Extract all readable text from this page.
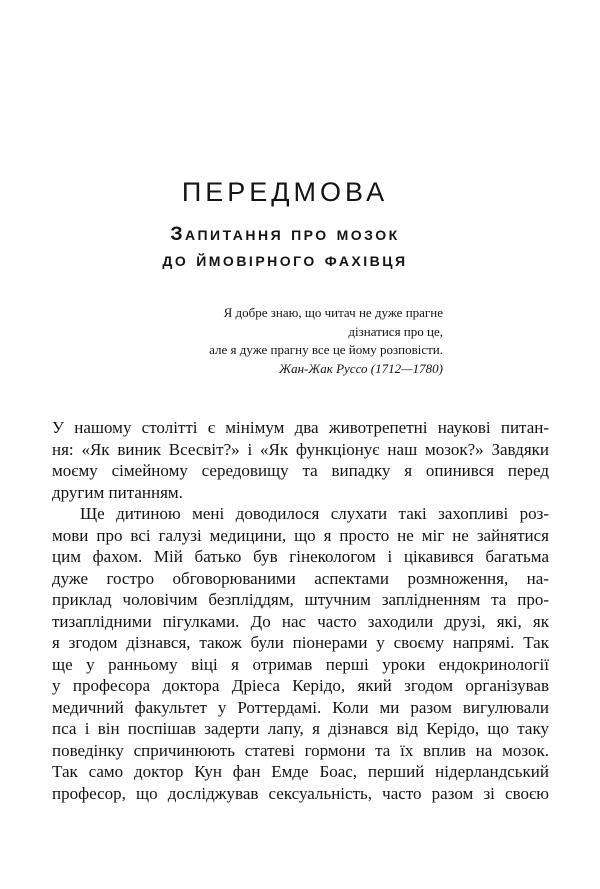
ПЕРЕДМОВА
Запитання про мозок
до ймовірного фахівця
Я добре знаю, що читач не дуже прагне
дізнатися про це,
але я дуже прагну все це йому розповісти.
Жан-Жак Руссо (1712—1780)
У нашому столітті є мінімум два животрепетні наукові питан-
ня: «Як виник Всесвіт?» і «Як функціонує наш мозок?» Завдяки
моєму сімейному середовищу та випадку я опинився перед
другим питанням.
Ще дитиною мені доводилося слухати такі захопливі роз-
мови про всі галузі медицини, що я просто не міг не зайнятися
цим фахом. Мій батько був гінекологом і цікавився багатьма
дуже гостро обговорюваними аспектами розмноження, на-
приклад чоловічим безпліддям, штучним заплідненням та про-
тизаплідними пігулками. До нас часто заходили друзі, які, як
я згодом дізнався, також були піонерами у своєму напрямі. Так
ще у ранньому віці я отримав перші уроки ендокринології
у професора доктора Дріеса Керідо, який згодом організував
медичний факультет у Роттердамі. Коли ми разом вигулювали
пса і він поспішав задерти лапу, я дізнався від Керідо, що таку
поведінку спричинюють статеві гормони та їх вплив на мозок.
Так само доктор Кун фан Емде Боас, перший нідерландський
професор, що досліджував сексуальність, часто разом зі своєю
